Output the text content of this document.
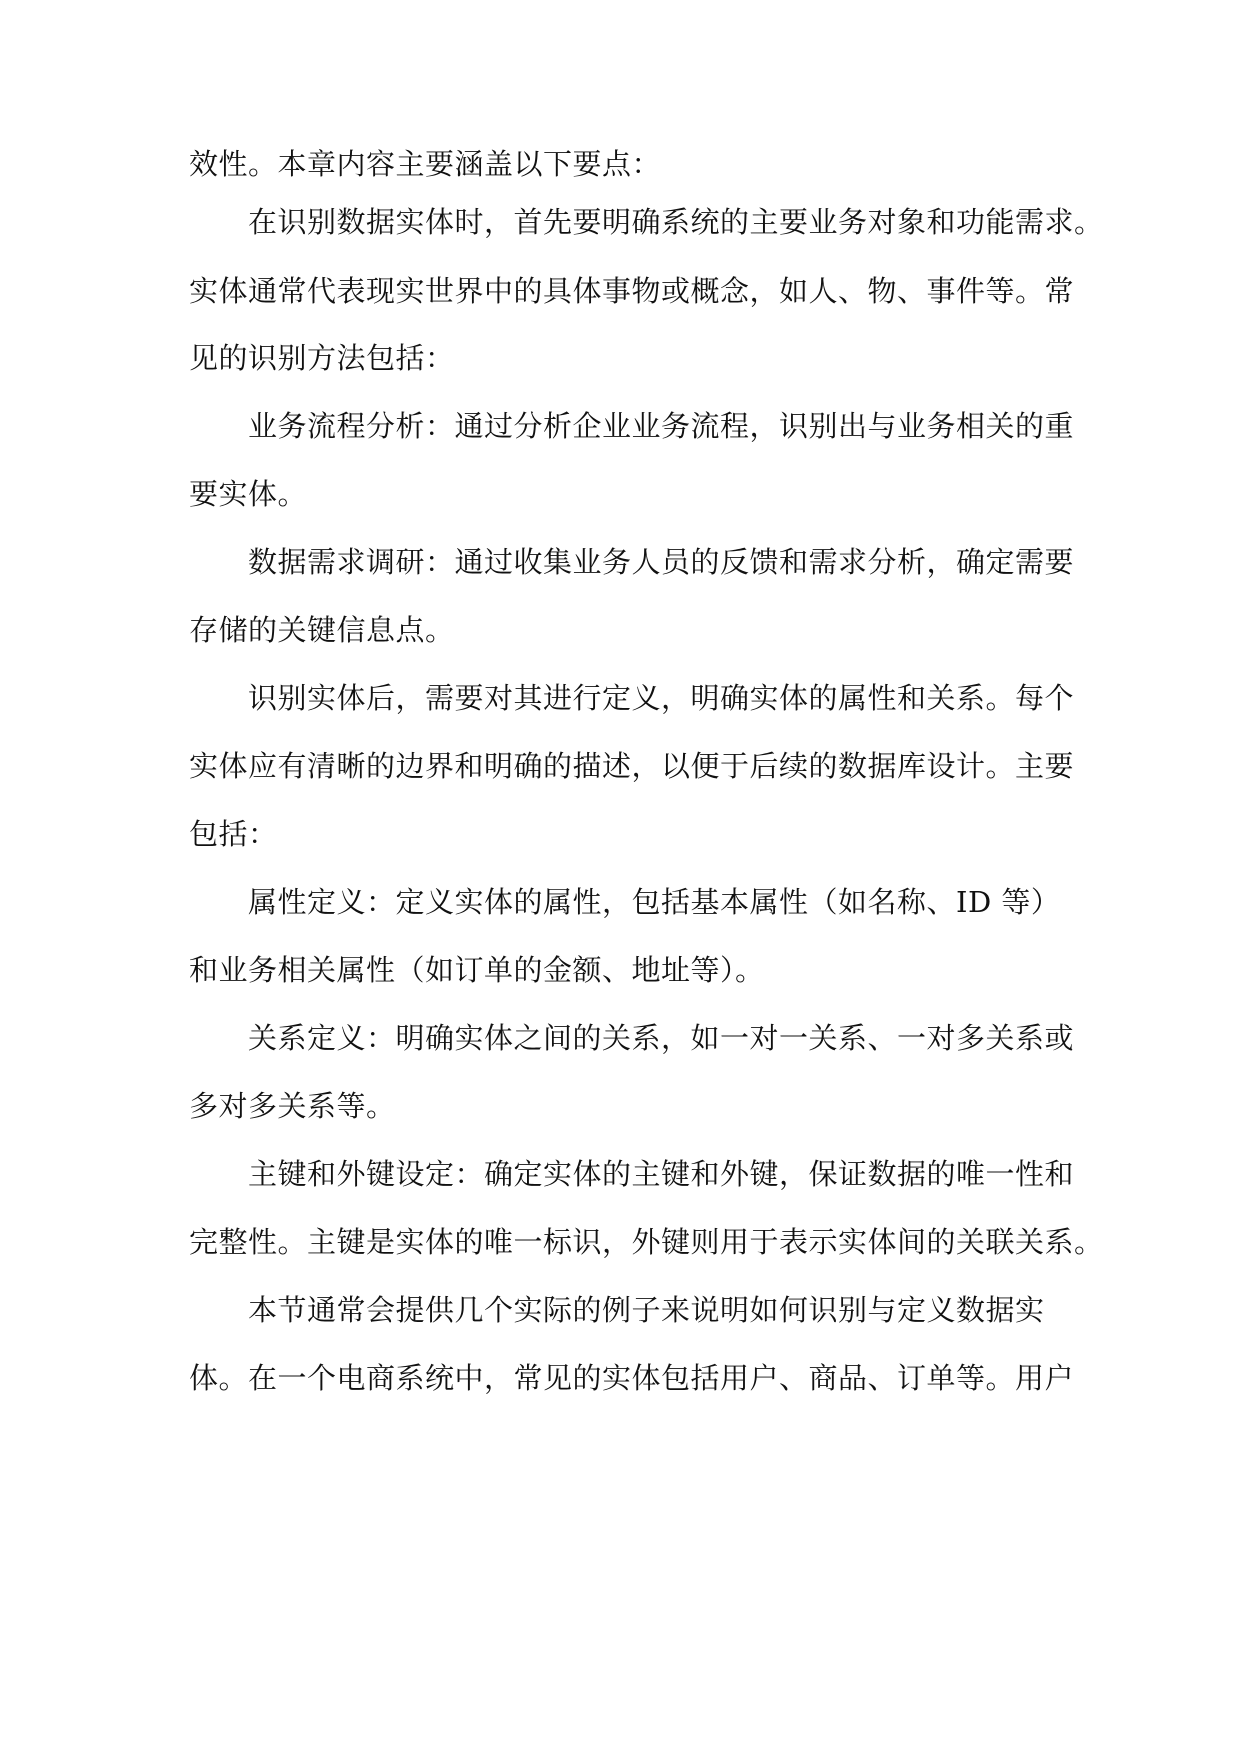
效性。本章内容主要涵盖以下要点：
在识别数据实体时，首先要明确系统的主要业务对象和功能需求。
实体通常代表现实世界中的具体事物或概念，如人、物、事件等。常
见的识别方法包括：
业务流程分析：通过分析企业业务流程，识别出与业务相关的重
要实体。
数据需求调研：通过收集业务人员的反馈和需求分析，确定需要
存储的关键信息点。
识别实体后，需要对其进行定义，明确实体的属性和关系。每个
实体应有清晰的边界和明确的描述，以便于后续的数据库设计。主要
包括：
属性定义：定义实体的属性，包括基本属性（如名称、ID 等）
和业务相关属性（如订单的金额、地址等）。
关系定义：明确实体之间的关系，如一对一关系、一对多关系或
多对多关系等。
主键和外键设定：确定实体的主键和外键，保证数据的唯一性和
完整性。主键是实体的唯一标识，外键则用于表示实体间的关联关系。
本节通常会提供几个实际的例子来说明如何识别与定义数据实
体。在一个电商系统中，常见的实体包括用户、商品、订单等。用户
